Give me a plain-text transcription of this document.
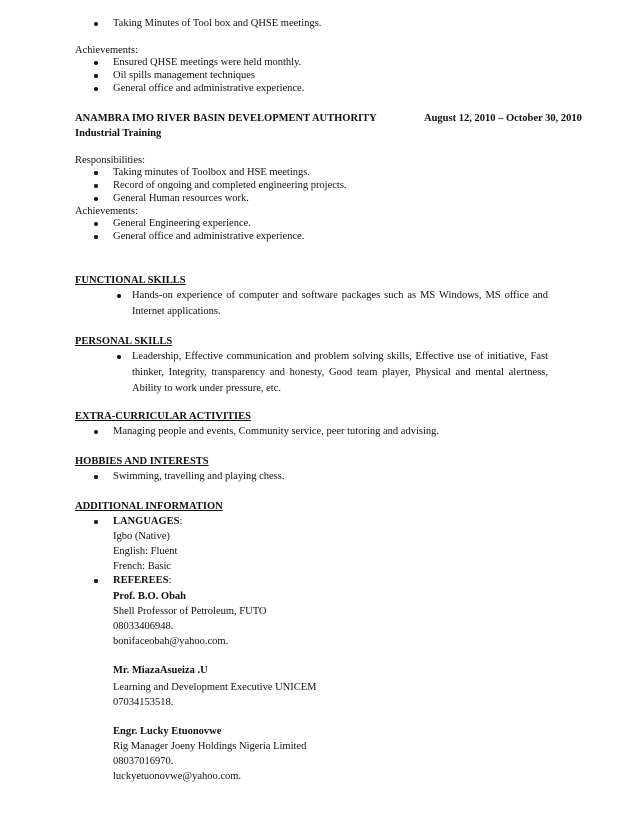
Taking Minutes of Tool box and QHSE meetings.
Achievements:
Ensured QHSE meetings were held monthly.
Oil spills management techniques
General office and administrative experience.
ANAMBRA IMO RIVER BASIN DEVELOPMENT AUTHORITY	August 12, 2010 – October 30, 2010
Industrial Training
Responsibilities:
Taking minutes of Toolbox and HSE meetings.
Record of ongoing and completed engineering projects.
General Human resources work.
Achievements:
General Engineering experience.
General office and administrative experience.
FUNCTIONAL SKILLS
Hands-on experience of computer and software packages such as MS Windows, MS office and Internet applications.
PERSONAL SKILLS
Leadership, Effective communication and problem solving skills, Effective use of initiative, Fast thinker, Integrity, transparency and honesty, Good team player, Physical and mental alertness, Ability to work under pressure, etc.
EXTRA-CURRICULAR ACTIVITIES
Managing people and events, Community service, peer tutoring and advising.
HOBBIES AND INTERESTS
Swimming, travelling and playing chess.
ADDITIONAL INFORMATION
LANGUAGES:
Igbo (Native)
English: Fluent
French: Basic
REFEREES:
Prof. B.O. Obah
Shell Professor of Petroleum, FUTO
08033406948.
bonifaceobah@yahoo.com.
Mr. MiazaAsueiza .U
Learning and Development Executive UNICEM
07034153518.
Engr. Lucky Etuonovwe
Rig Manager Joeny Holdings Nigeria Limited
08037016970.
luckyetuonovwe@yahoo.com.
